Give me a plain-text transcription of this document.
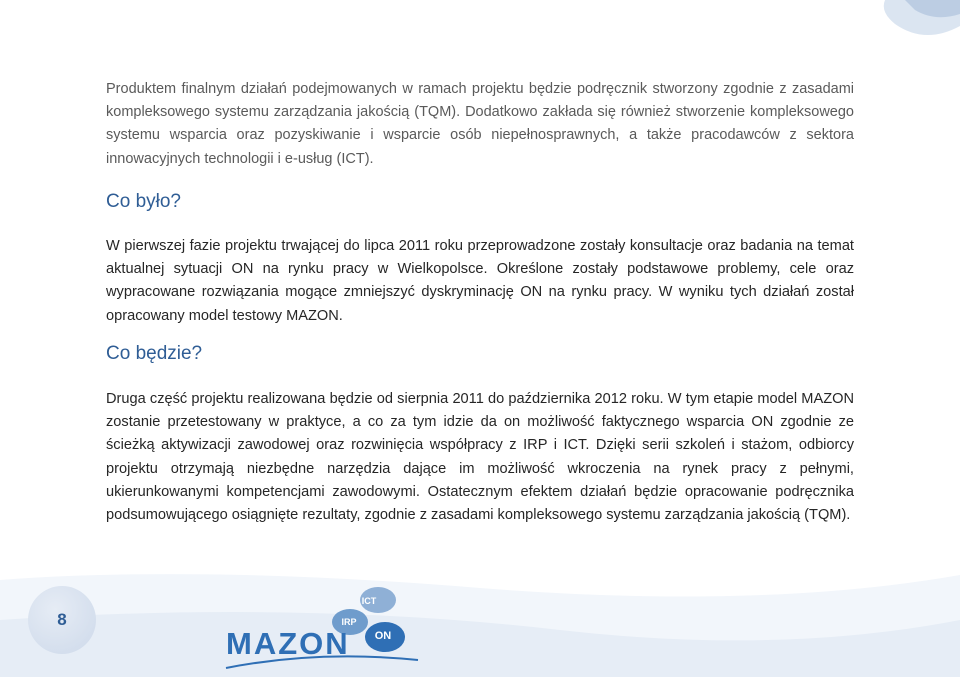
Produktem finalnym działań podejmowanych w ramach projektu będzie podręcznik stworzony zgodnie z zasadami kompleksowego systemu zarządzania jakością (TQM). Dodatkowo zakłada się również stworzenie kompleksowego systemu wsparcia oraz pozyskiwanie i wsparcie osób niepełnosprawnych, a także pracodawców z sektora innowacyjnych technologii i e-usług (ICT).

Co było?

W pierwszej fazie projektu trwającej do lipca 2011 roku przeprowadzone zostały konsultacje oraz badania na temat aktualnej sytuacji ON na rynku pracy w Wielkopolsce. Określone zostały podstawowe problemy, cele oraz wypracowane rozwiązania mogące zmniejszyć dyskryminację ON na rynku pracy. W wyniku tych działań został opracowany model testowy MAZON.

Co będzie?

Druga część projektu realizowana będzie od sierpnia 2011 do października 2012 roku. W tym etapie model MAZON zostanie przetestowany w praktyce, a co za tym idzie da on możliwość faktycznego wsparcia ON zgodnie ze ścieżką aktywizacji zawodowej oraz rozwinięcia współpracy z IRP i ICT. Dzięki serii szkoleń i stażom, odbiorcy projektu otrzymają niezbędne narzędzia dające im możliwość wkroczenia na rynek pracy z pełnymi, ukierunkowanymi kompetencjami zawodowymi. Ostatecznym efektem działań będzie opracowanie podręcznika podsumowującego osiągnięte rezultaty, zgodnie z zasadami kompleksowego systemu zarządzania jakością (TQM).

8
MAZON
ICT
IRP
ON
